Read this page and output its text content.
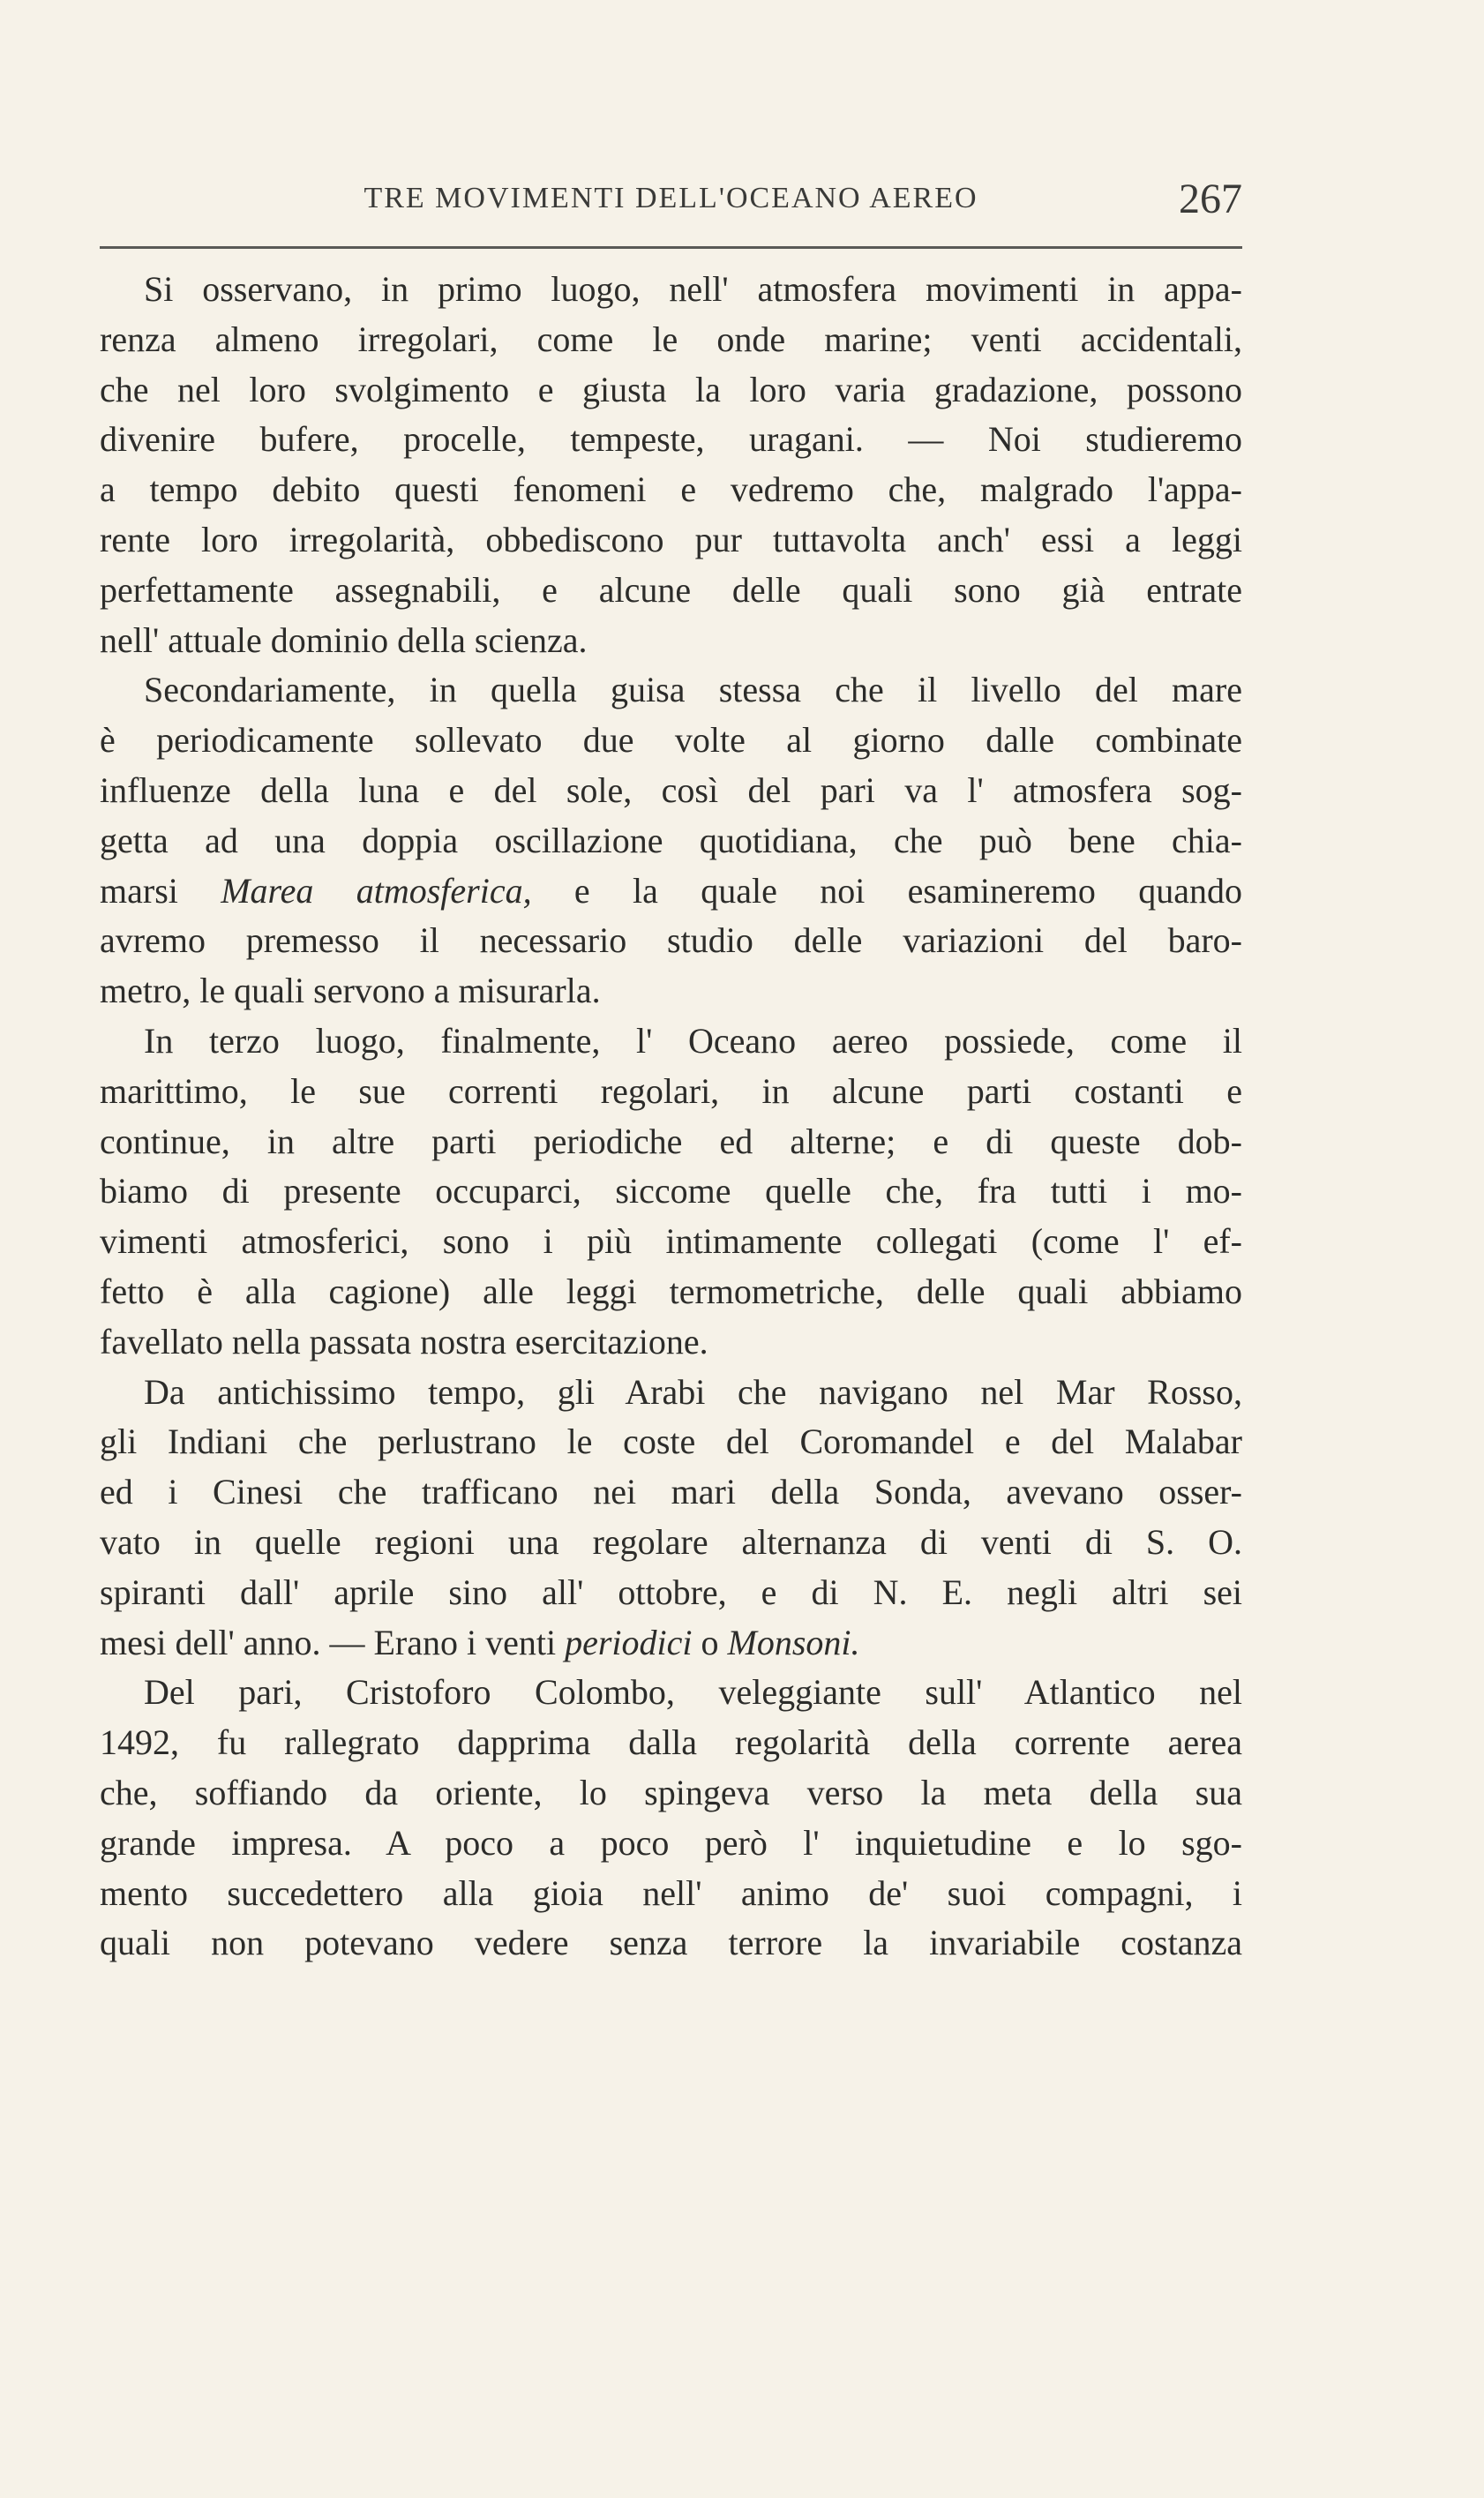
TRE MOVIMENTI DELL'OCEANO AEREO	267
Si osservano, in primo luogo, nell' atmosfera movimenti in appa-
renza almeno irregolari, come le onde marine; venti accidentali,
che nel loro svolgimento e giusta la loro varia gradazione, possono
divenire bufere, procelle, tempeste, uragani. — Noi studieremo
a tempo debito questi fenomeni e vedremo che, malgrado l'appa-
rente loro irregolarità, obbediscono pur tuttavolta anch' essi a leggi
perfettamente assegnabili, e alcune delle quali sono già entrate
nell' attuale dominio della scienza.
Secondariamente, in quella guisa stessa che il livello del mare
è periodicamente sollevato due volte al giorno dalle combinate
influenze della luna e del sole, così del pari va l' atmosfera sog-
getta ad una doppia oscillazione quotidiana, che può bene chia-
marsi Marea atmosferica, e la quale noi esamineremo quando
avremo premesso il necessario studio delle variazioni del baro-
metro, le quali servono a misurarla.
In terzo luogo, finalmente, l' Oceano aereo possiede, come il
marittimo, le sue correnti regolari, in alcune parti costanti e
continue, in altre parti periodiche ed alterne; e di queste dob-
biamo di presente occuparci, siccome quelle che, fra tutti i mo-
vimenti atmosferici, sono i più intimamente collegati (come l' ef-
fetto è alla cagione) alle leggi termometriche, delle quali abbiamo
favellato nella passata nostra esercitazione.
Da antichissimo tempo, gli Arabi che navigano nel Mar Rosso,
gli Indiani che perlustrano le coste del Coromandel e del Malabar
ed i Cinesi che trafficano nei mari della Sonda, avevano osser-
vato in quelle regioni una regolare alternanza di venti di S. O.
spiranti dall' aprile sino all' ottobre, e di N. E. negli altri sei
mesi dell' anno. — Erano i venti periodici o Monsoni.
Del pari, Cristoforo Colombo, veleggiante sull' Atlantico nel
1492, fu rallegrato dapprima dalla regolarità della corrente aerea
che, soffiando da oriente, lo spingeva verso la meta della sua
grande impresa. A poco a poco però l' inquietudine e lo sgo-
mento succedettero alla gioia nell' animo de' suoi compagni, i
quali non potevano vedere senza terrore la invariabile costanza
